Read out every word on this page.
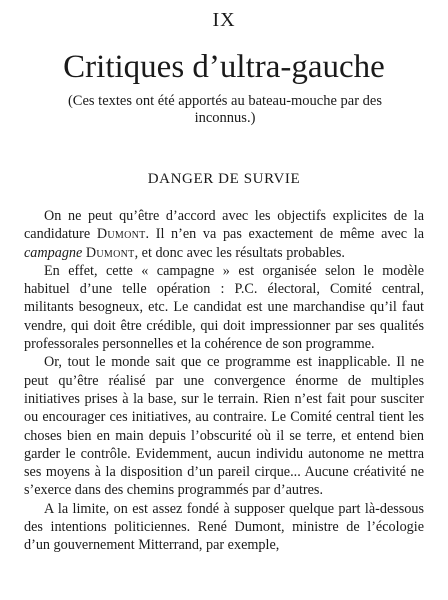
IX
Critiques d’ultra-gauche
(Ces textes ont été apportés au bateau-mouche par des inconnus.)
DANGER DE SURVIE

On ne peut qu’être d’accord avec les objectifs explicites de la candidature Dumont. Il n’en va pas exactement de même avec la campagne Dumont, et donc avec les résultats probables.

En effet, cette « campagne » est organisée selon le modèle habituel d’une telle opération : P.C. électoral, Comité central, militants besogneux, etc. Le candidat est une marchandise qu’il faut vendre, qui doit être crédible, qui doit impressionner par ses qualités professorales personnelles et la cohérence de son programme.

Or, tout le monde sait que ce programme est inapplicable. Il ne peut qu’être réalisé par une convergence énorme de multiples initiatives prises à la base, sur le terrain. Rien n’est fait pour susciter ou encourager ces initiatives, au contraire. Le Comité central tient les choses bien en main depuis l’obscurité où il se terre, et entend bien garder le contrôle. Evidemment, aucun individu autonome ne mettra ses moyens à la disposition d’un pareil cirque... Aucune créativité ne s’exerce dans des chemins programmés par d’autres.

A la limite, on est assez fondé à supposer quelque part là-dessous des intentions politiciennes. René Dumont, ministre de l’écologie d’un gouvernement Mitterrand, par exemple,
